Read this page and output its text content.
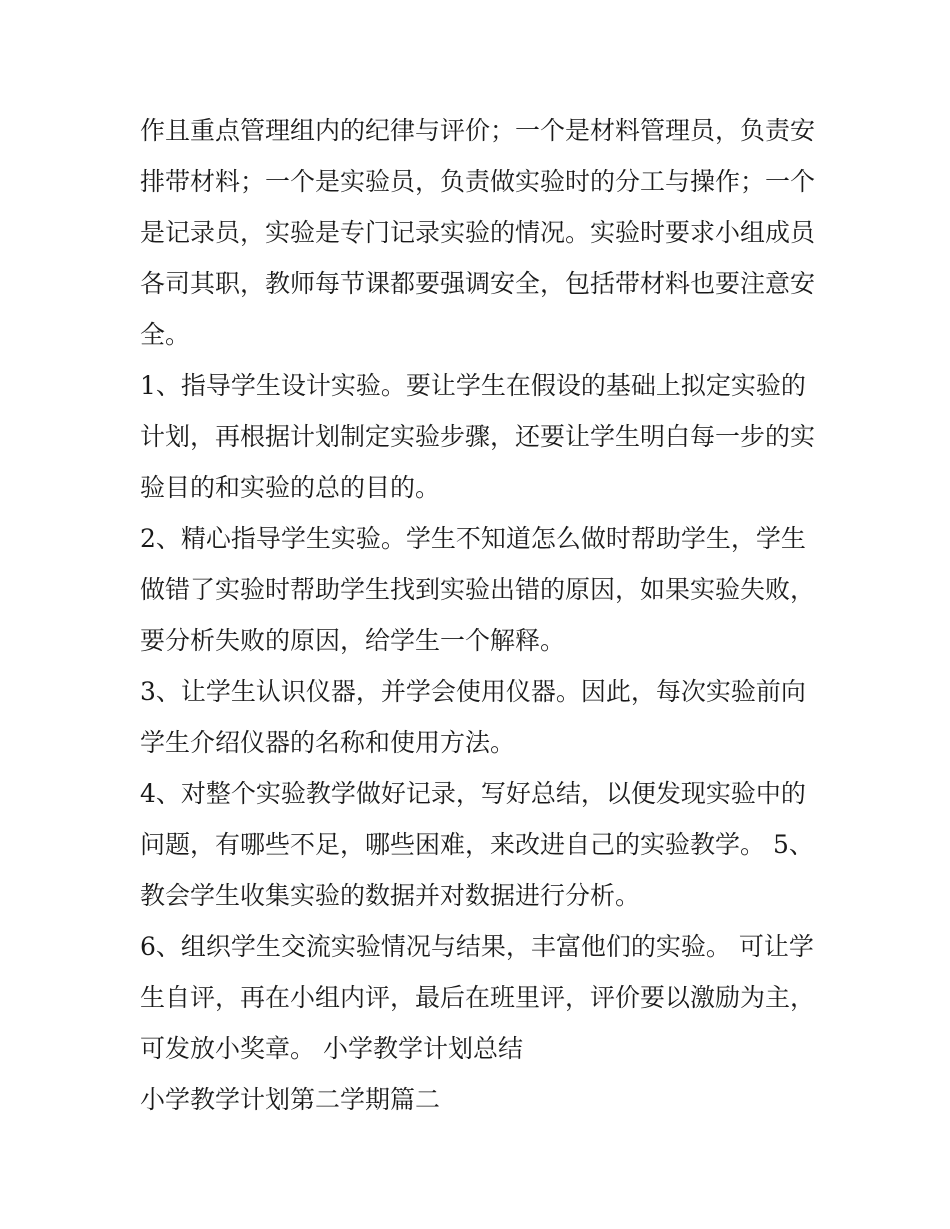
作且重点管理组内的纪律与评价；一个是材料管理员，负责安
排带材料；一个是实验员，负责做实验时的分工与操作；一个
是记录员，实验是专门记录实验的情况。实验时要求小组成员
各司其职，教师每节课都要强调安全，包括带材料也要注意安
全。
1、指导学生设计实验。要让学生在假设的基础上拟定实验的
计划，再根据计划制定实验步骤，还要让学生明白每一步的实
验目的和实验的总的目的。
2、精心指导学生实验。学生不知道怎么做时帮助学生，学生
做错了实验时帮助学生找到实验出错的原因，如果实验失败，
要分析失败的原因，给学生一个解释。
3、让学生认识仪器，并学会使用仪器。因此，每次实验前向
学生介绍仪器的名称和使用方法。
4、对整个实验教学做好记录，写好总结，以便发现实验中的
问题，有哪些不足，哪些困难，来改进自己的实验教学。 5、
教会学生收集实验的数据并对数据进行分析。
6、组织学生交流实验情况与结果，丰富他们的实验。 可让学
生自评，再在小组内评，最后在班里评，评价要以激励为主，
可发放小奖章。 小学教学计划总结
小学教学计划第二学期篇二
